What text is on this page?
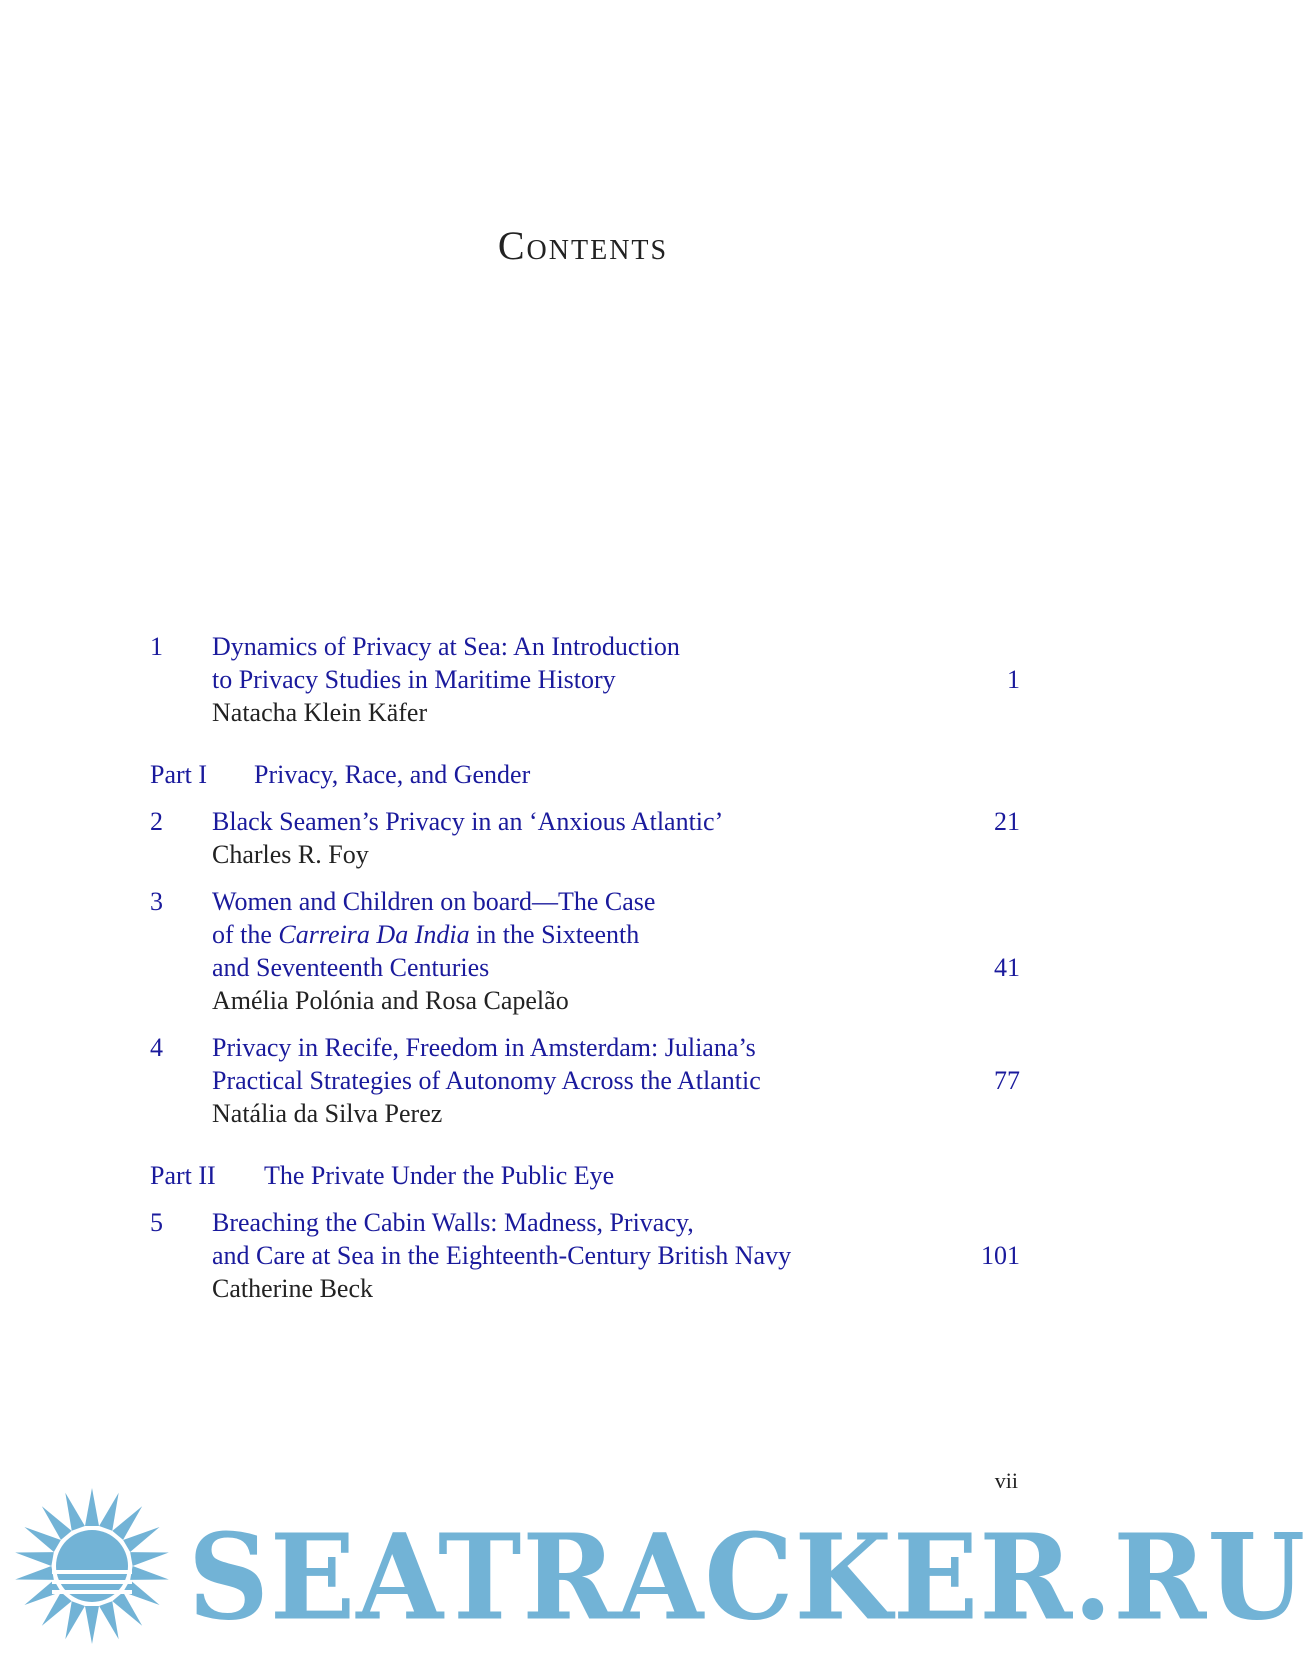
Contents
1 Dynamics of Privacy at Sea: An Introduction
to Privacy Studies in Maritime History
Natacha Klein Käfer
1
Part I Privacy, Race, and Gender
2 Black Seamen’s Privacy in an ‘Anxious Atlantic’
Charles R. Foy
21
3 Women and Children on board—The Case
of the Carreira Da India in the Sixteenth
and Seventeenth Centuries
Amélia Polónia and Rosa Capelão
41
4 Privacy in Recife, Freedom in Amsterdam: Juliana’s
Practical Strategies of Autonomy Across the Atlantic
Natália da Silva Perez
77
Part II The Private Under the Public Eye
5 Breaching the Cabin Walls: Madness, Privacy,
and Care at Sea in the Eighteenth-Century British Navy
Catherine Beck
101
vii
SEATRACKER.RU
